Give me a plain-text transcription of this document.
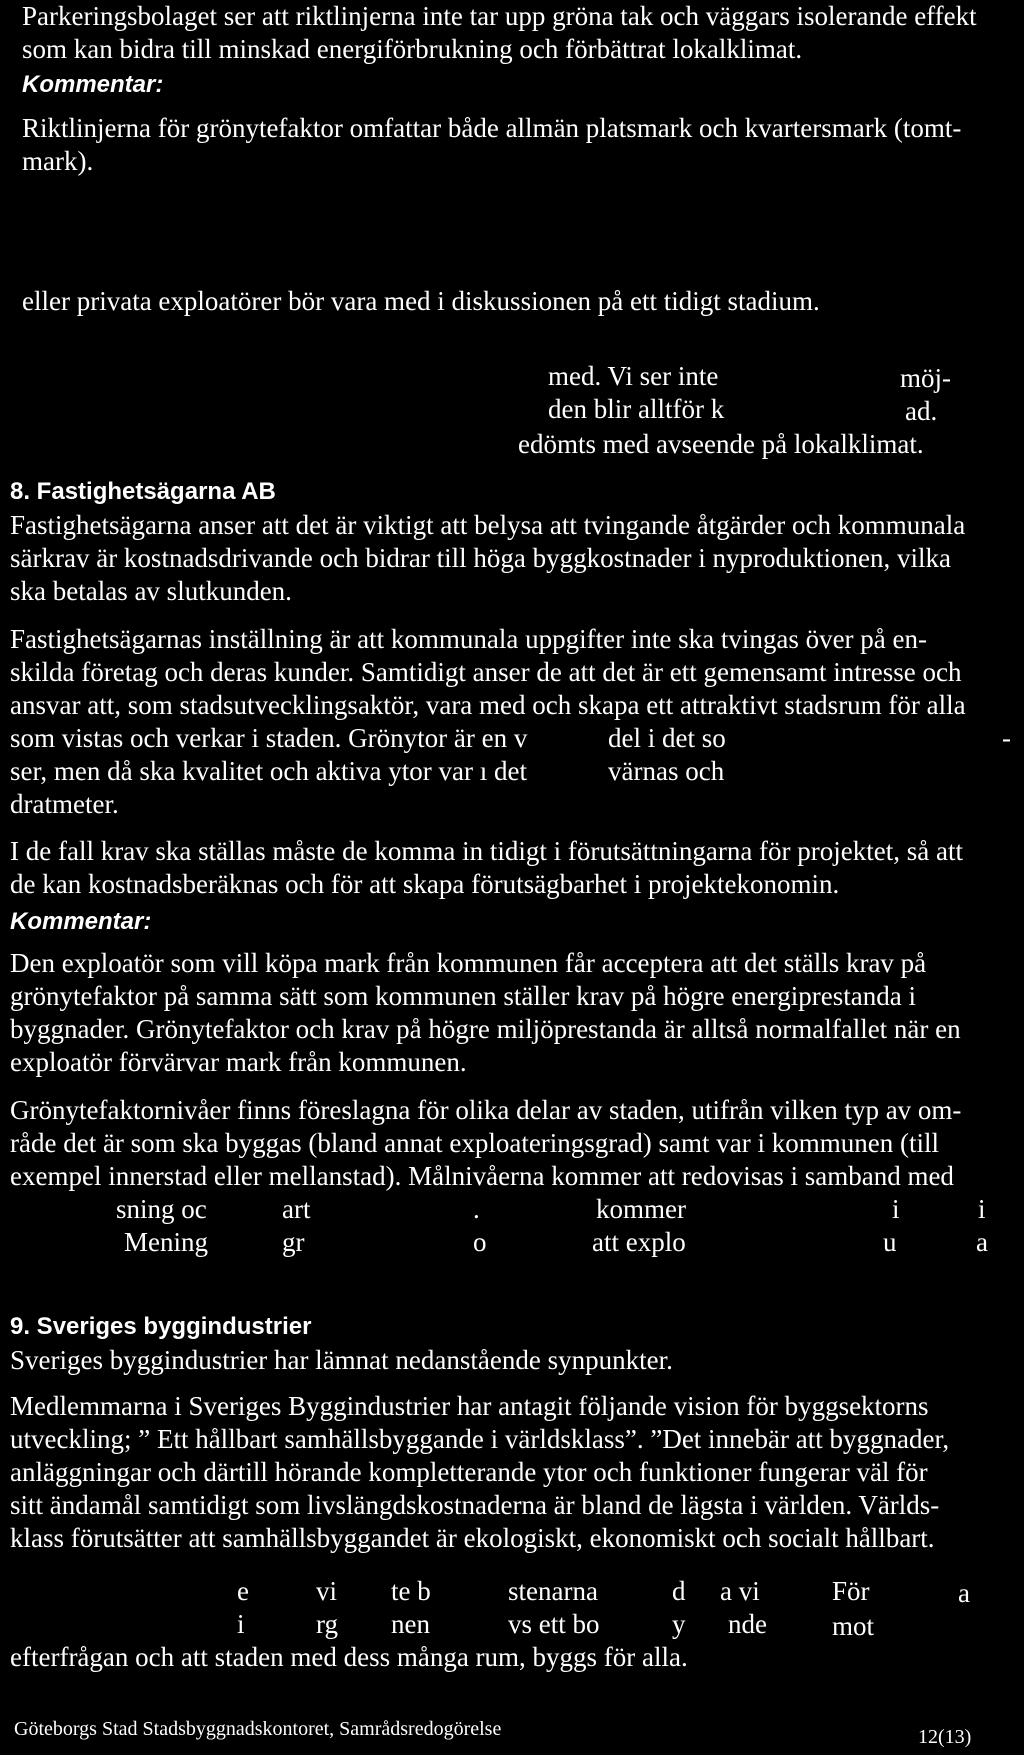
Parkeringsbolaget ser att riktlinjerna inte tar upp gröna tak och väggars isolerande effekt

som kan bidra till minskad energiförbrukning och förbättrat lokalklimat.

Kommentar:

Riktlinjerna för grönytefaktor omfattar både allmän platsmark och kvartersmark (tomt-

mark).

eller privata exploatörer bör vara med i diskussionen på ett tidigt stadium.

med. Vi ser inte	möj-
den blir alltför k	ad.
edömts med avseende på lokalklimat.

8. Fastighetsägarna AB

Fastighetsägarna anser att det är viktigt att belysa att tvingande åtgärder och kommunala

särkrav är kostnadsdrivande och bidrar till höga byggkostnader i nyproduktionen, vilka

ska betalas av slutkunden.

Fastighetsägarnas inställning är att kommunala uppgifter inte ska tvingas över på en-

skilda företag och deras kunder. Samtidigt anser de att det är ett gemensamt intresse och

ansvar att, som stadsutvecklingsaktör, vara med och skapa ett attraktivt stadsrum för alla

som vistas och verkar i staden. Grönytor är en v	del i det so	-

ser, men då ska kvalitet och aktiva ytor var ı det	värnas och

dratmeter.

I de fall krav ska ställas måste de komma in tidigt i förutsättningarna för projektet, så att

de kan kostnadsberäknas och för att skapa förutsägbarhet i projektekonomin.

Kommentar:

Den exploatör som vill köpa mark från kommunen får acceptera att det ställs krav på

grönytefaktor på samma sätt som kommunen ställer krav på högre energiprestanda i

byggnader. Grönytefaktor och krav på högre miljöprestanda är alltså normalfallet när en

exploatör förvärvar mark från kommunen.

Grönytefaktornivåer finns föreslagna för olika delar av staden, utifrån vilken typ av om-

råde det är som ska byggas (bland annat exploateringsgrad) samt var i kommunen (till

exempel innerstad eller mellanstad). Målnivåerna kommer att redovisas i samband med

sning oc	art	.	kommer	i	i
Mening	gr	o	att explo	u	a

9. Sveriges byggindustrier

Sveriges byggindustrier har lämnat nedanstående synpunkter.

Medlemmarna i Sveriges Byggindustrier har antagit följande vision för byggsektorns

utveckling; ” Ett hållbart samhällsbyggande i världsklass”. ”Det innebär att byggnader,

anläggningar och därtill hörande kompletterande ytor och funktioner fungerar väl för

sitt ändamål samtidigt som livslängdskostnaderna är bland de lägsta i världen. Världs-

klass förutsätter att samhällsbyggandet är ekologiskt, ekonomiskt och socialt hållbart.

e vi te b	stenarna	d a vi	För	a
i	rg nen	vs ett bo	y nde mot

efterfrågan och att staden med dess många rum, byggs för alla.

Göteborgs Stad Stadsbyggnadskontoret, Samrådsredogörelse	12(13)
